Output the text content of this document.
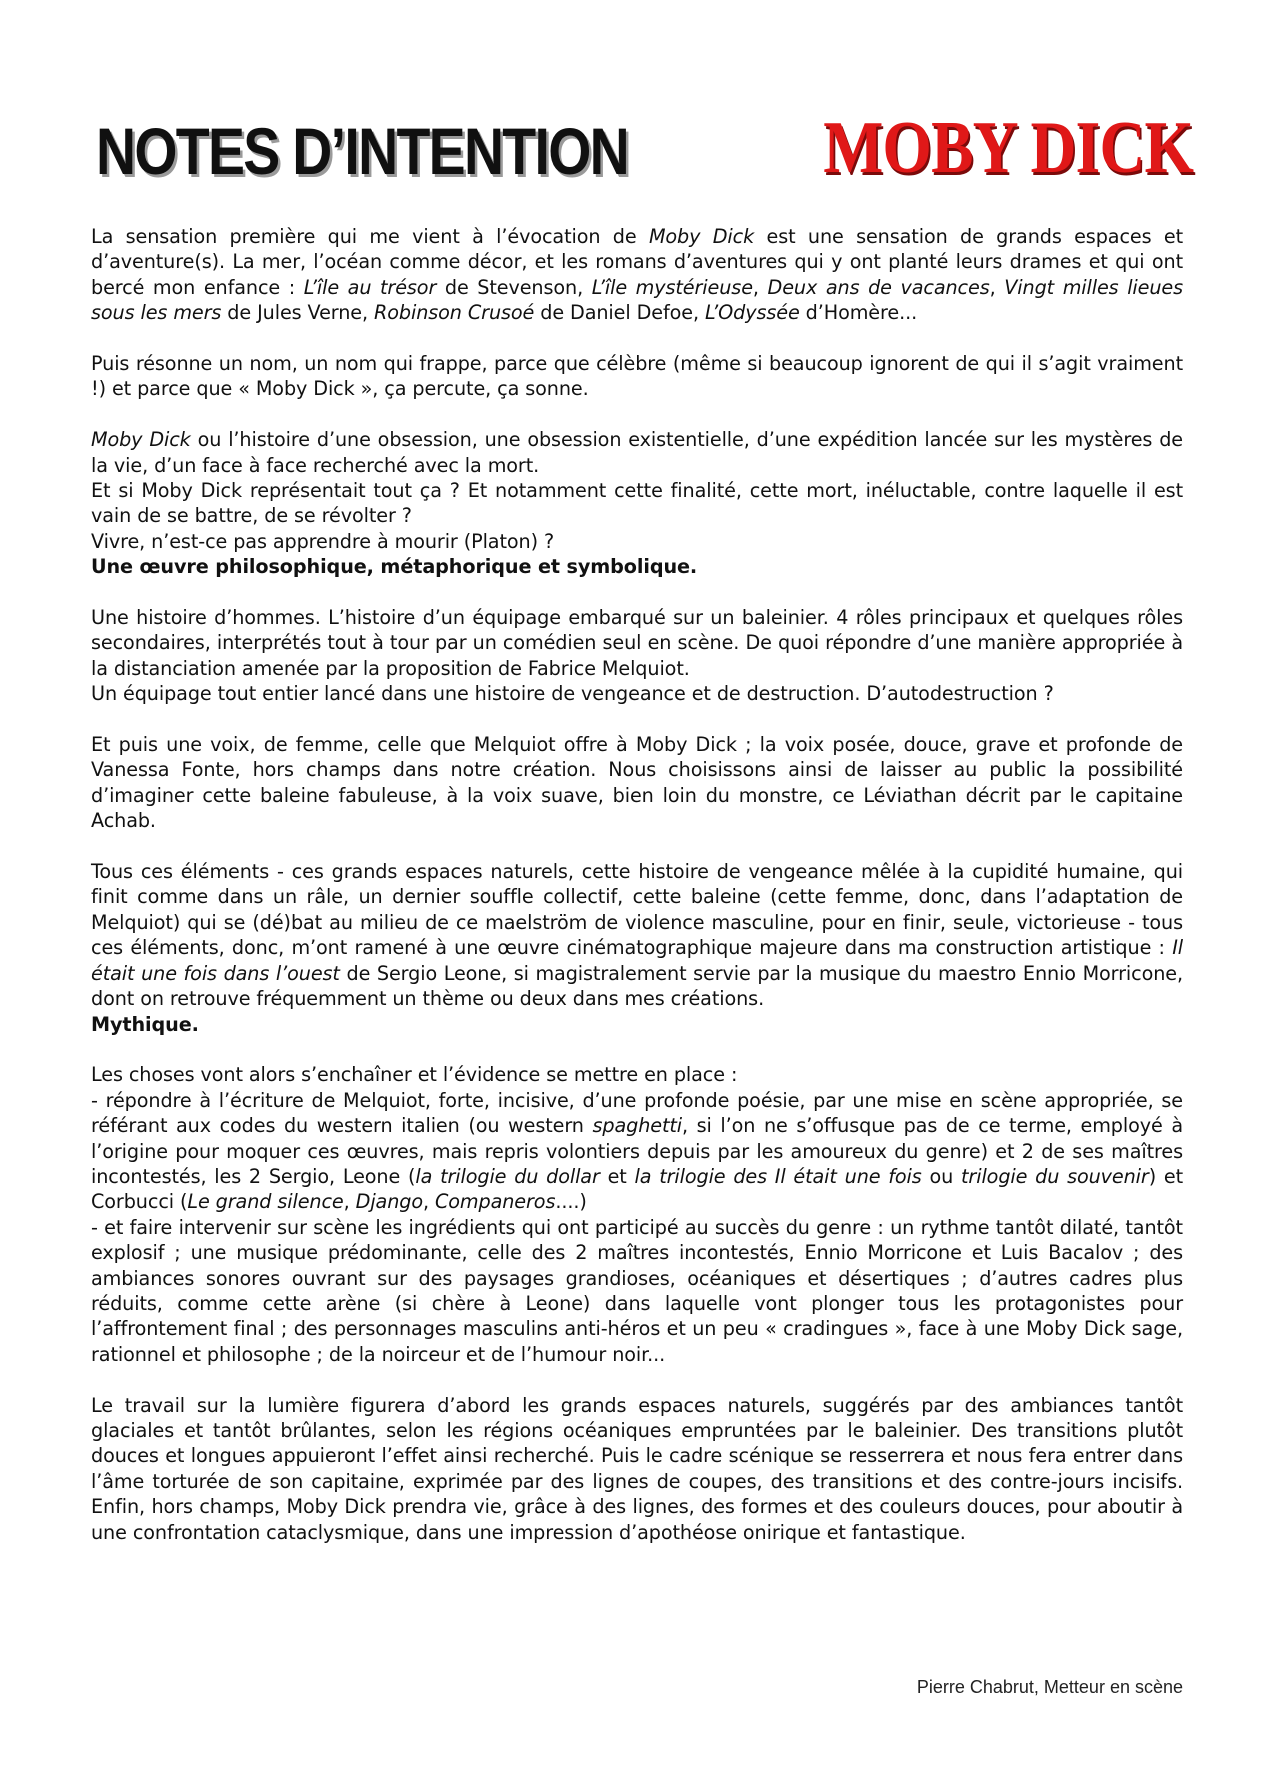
NOTES D’INTENTION	MOBY DICK

La sensation première qui me vient à l’évocation de Moby Dick est une sensation de grands espaces et d’aventure(s). La mer, l’océan comme décor, et les romans d’aventures qui y ont planté leurs drames et qui ont bercé mon enfance : L’île au trésor de Stevenson, L’île mystérieuse, Deux ans de vacances, Vingt milles lieues sous les mers de Jules Verne, Robinson Crusoé de Daniel Defoe, L’Odyssée d’Homère...

Puis résonne un nom, un nom qui frappe, parce que célèbre (même si beaucoup ignorent de qui il s’agit vraiment !) et parce que « Moby Dick », ça percute, ça sonne.

Moby Dick ou l’histoire d’une obsession, une obsession existentielle, d’une expédition lancée sur les mystères de la vie, d’un face à face recherché avec la mort.

Et si Moby Dick représentait tout ça ? Et notamment cette finalité, cette mort, inéluctable, contre laquelle il est vain de se battre, de se révolter ?

Vivre, n’est-ce pas apprendre à mourir (Platon) ?

Une œuvre philosophique, métaphorique et symbolique.

Une histoire d’hommes. L’histoire d’un équipage embarqué sur un baleinier. 4 rôles principaux et quelques rôles secondaires, interprétés tout à tour par un comédien seul en scène. De quoi répondre d’une manière appropriée à la distanciation amenée par la proposition de Fabrice Melquiot.

Un équipage tout entier lancé dans une histoire de vengeance et de destruction. D’autodestruction ?

Et puis une voix, de femme, celle que Melquiot offre à Moby Dick ; la voix posée, douce, grave et profonde de Vanessa Fonte, hors champs dans notre création. Nous choisissons ainsi de laisser au public la possibilité d’imaginer cette baleine fabuleuse, à la voix suave, bien loin du monstre, ce Léviathan décrit par le capitaine Achab.

Tous ces éléments - ces grands espaces naturels, cette histoire de vengeance mêlée à la cupidité humaine, qui finit comme dans un râle, un dernier souffle collectif, cette baleine (cette femme, donc, dans l’adaptation de Melquiot) qui se (dé)bat au milieu de ce maelström de violence masculine, pour en finir, seule, victorieuse - tous ces éléments, donc, m’ont ramené à une œuvre cinématographique majeure dans ma construction artistique : Il était une fois dans l’ouest de Sergio Leone, si magistralement servie par la musique du maestro Ennio Morricone, dont on retrouve fréquemment un thème ou deux dans mes créations.

Mythique.

Les choses vont alors s’enchaîner et l’évidence se mettre en place :

- répondre à l’écriture de Melquiot, forte, incisive, d’une profonde poésie, par une mise en scène appropriée, se référant aux codes du western italien (ou western spaghetti, si l’on ne s’offusque pas de ce terme, employé à l’origine pour moquer ces œuvres, mais repris volontiers depuis par les amoureux du genre) et 2 de ses maîtres incontestés, les 2 Sergio, Leone (la trilogie du dollar et la trilogie des Il était une fois ou trilogie du souvenir) et Corbucci (Le grand silence, Django, Companeros....)

- et faire intervenir sur scène les ingrédients qui ont participé au succès du genre : un rythme tantôt dilaté, tantôt explosif ; une musique prédominante, celle des 2 maîtres incontestés, Ennio Morricone et Luis Bacalov ; des ambiances sonores ouvrant sur des paysages grandioses, océaniques et désertiques ; d’autres cadres plus réduits, comme cette arène (si chère à Leone) dans laquelle vont plonger tous les protagonistes pour l’affrontement final ; des personnages masculins anti-héros et un peu « cradingues », face à une Moby Dick sage, rationnel et philosophe ; de la noirceur et de l’humour noir...

Le travail sur la lumière figurera d’abord les grands espaces naturels, suggérés par des ambiances tantôt glaciales et tantôt brûlantes, selon les régions océaniques empruntées par le baleinier. Des transitions plutôt douces et longues appuieront l’effet ainsi recherché. Puis le cadre scénique se resserrera et nous fera entrer dans l’âme torturée de son capitaine, exprimée par des lignes de coupes, des transitions et des contre-jours incisifs. Enfin, hors champs, Moby Dick prendra vie, grâce à des lignes, des formes et des couleurs douces, pour aboutir à une confrontation cataclysmique, dans une impression d’apothéose onirique et fantastique.

Pierre Chabrut, Metteur en scène
